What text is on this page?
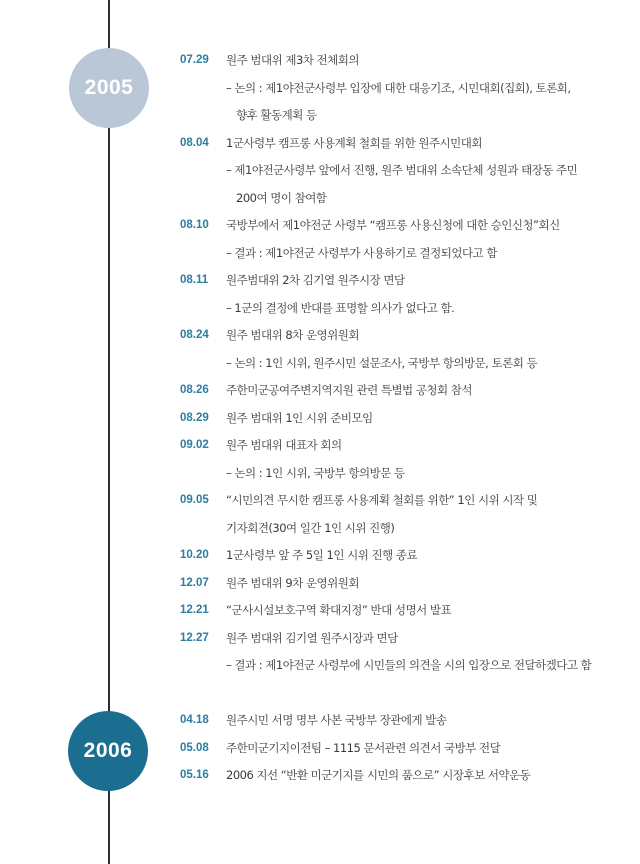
2005
2006
07.29 원주 범대위 제3차 전체회의
– 논의 : 제1야전군사령부 입장에 대한 대응기조, 시민대회(집회), 토론회,
향후 활동계획 등
08.04 1군사령부 캠프롱 사용계획 철회를 위한 원주시민대회
– 제1야전군사령부 앞에서 진행, 원주 범대위 소속단체 성원과 태장동 주민
200여 명이 참여함
08.10 국방부에서 제1야전군 사령부 “캠프롱 사용신청에 대한 승인신청”회신
– 결과 : 제1야전군 사령부가 사용하기로 결정되었다고 함
08.11 원주범대위 2차 김기열 원주시장 면담
– 1군의 결정에 반대를 표명할 의사가 없다고 함.
08.24 원주 범대위 8차 운영위원회
– 논의 : 1인 시위, 원주시민 설문조사, 국방부 항의방문, 토론회 등
08.26 주한미군공여주변지역지원 관련 특별법 공청회 참석
08.29 원주 범대위 1인 시위 준비모임
09.02 원주 범대위 대표자 회의
– 논의 : 1인 시위, 국방부 항의방문 등
09.05 “시민의견 무시한 캠프롱 사용계획 철회를 위한” 1인 시위 시작 및
기자회견(30여 일간 1인 시위 진행)
10.20 1군사령부 앞 주 5일 1인 시위 진행 종료
12.07 원주 범대위 9차 운영위원회
12.21 “군사시설보호구역 확대지정” 반대 성명서 발표
12.27 원주 범대위 김기열 원주시장과 면담
– 결과 : 제1야전군 사령부에 시민들의 의견을 시의 입장으로 전달하겠다고 함
04.18 원주시민 서명 명부 사본 국방부 장관에게 발송
05.08 주한미군기지이전팀 – 1115 문서관련 의견서 국방부 전달
05.16 2006 지선 “반환 미군기지를 시민의 품으로” 시장후보 서약운동
